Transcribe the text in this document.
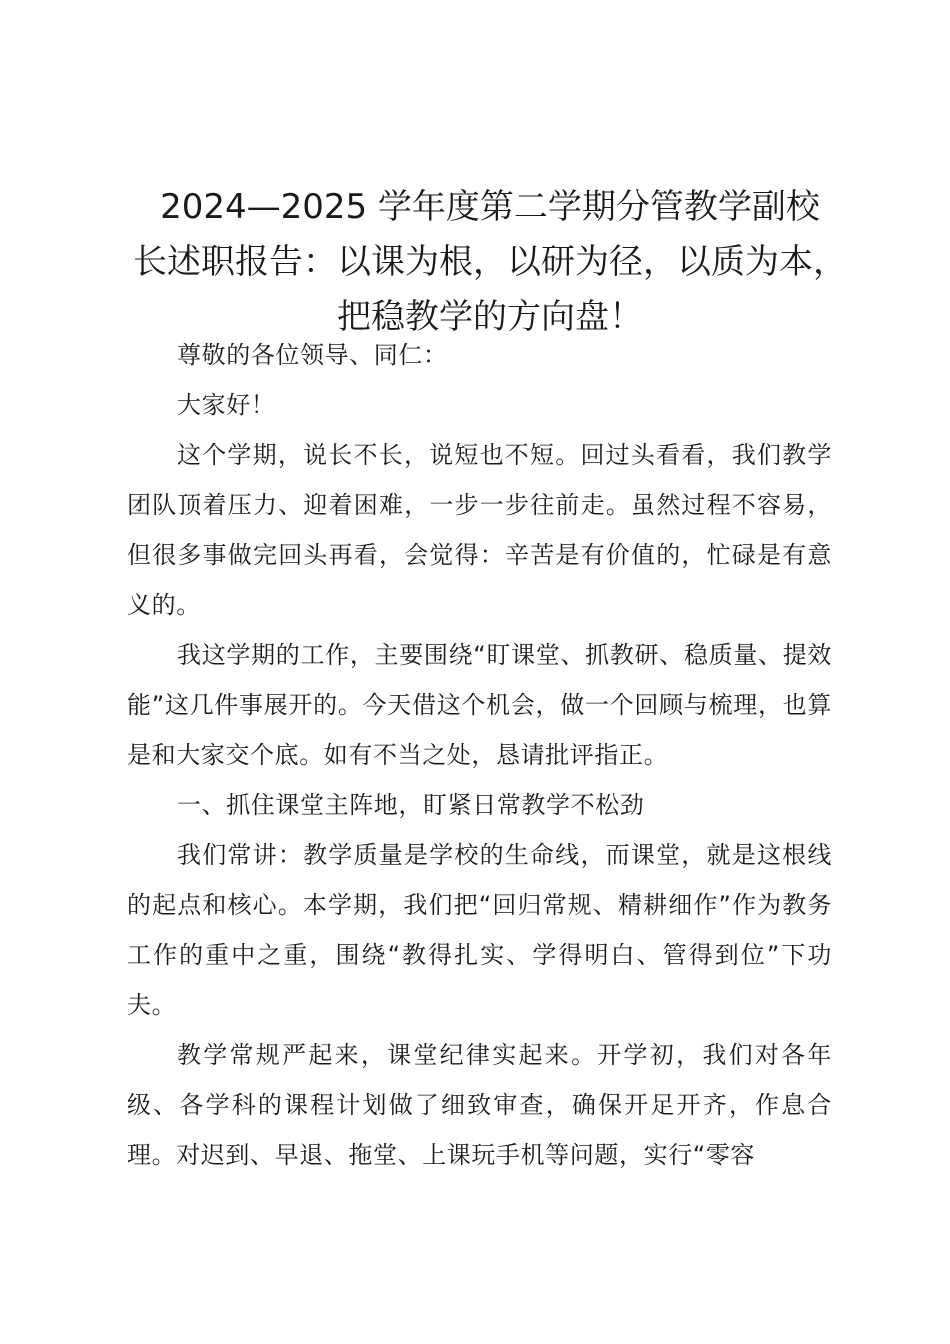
2024—2025 学年度第二学期分管教学副校
长述职报告：以课为根，以研为径，以质为本，
把稳教学的方向盘！

尊敬的各位领导、同仁：

大家好！

这个学期，说长不长，说短也不短。回过头看看，我们教学团队顶着压力、迎着困难，一步一步往前走。虽然过程不容易，但很多事做完回头再看，会觉得：辛苦是有价值的，忙碌是有意义的。

我这学期的工作，主要围绕“盯课堂、抓教研、稳质量、提效能”这几件事展开的。今天借这个机会，做一个回顾与梳理，也算是和大家交个底。如有不当之处，恳请批评指正。

一、抓住课堂主阵地，盯紧日常教学不松劲

我们常讲：教学质量是学校的生命线，而课堂，就是这根线的起点和核心。本学期，我们把“回归常规、精耕细作”作为教务工作的重中之重，围绕“教得扎实、学得明白、管得到位”下功夫。

教学常规严起来，课堂纪律实起来。开学初，我们对各年级、各学科的课程计划做了细致审查，确保开足开齐，作息合理。对迟到、早退、拖堂、上课玩手机等问题，实行“零容
